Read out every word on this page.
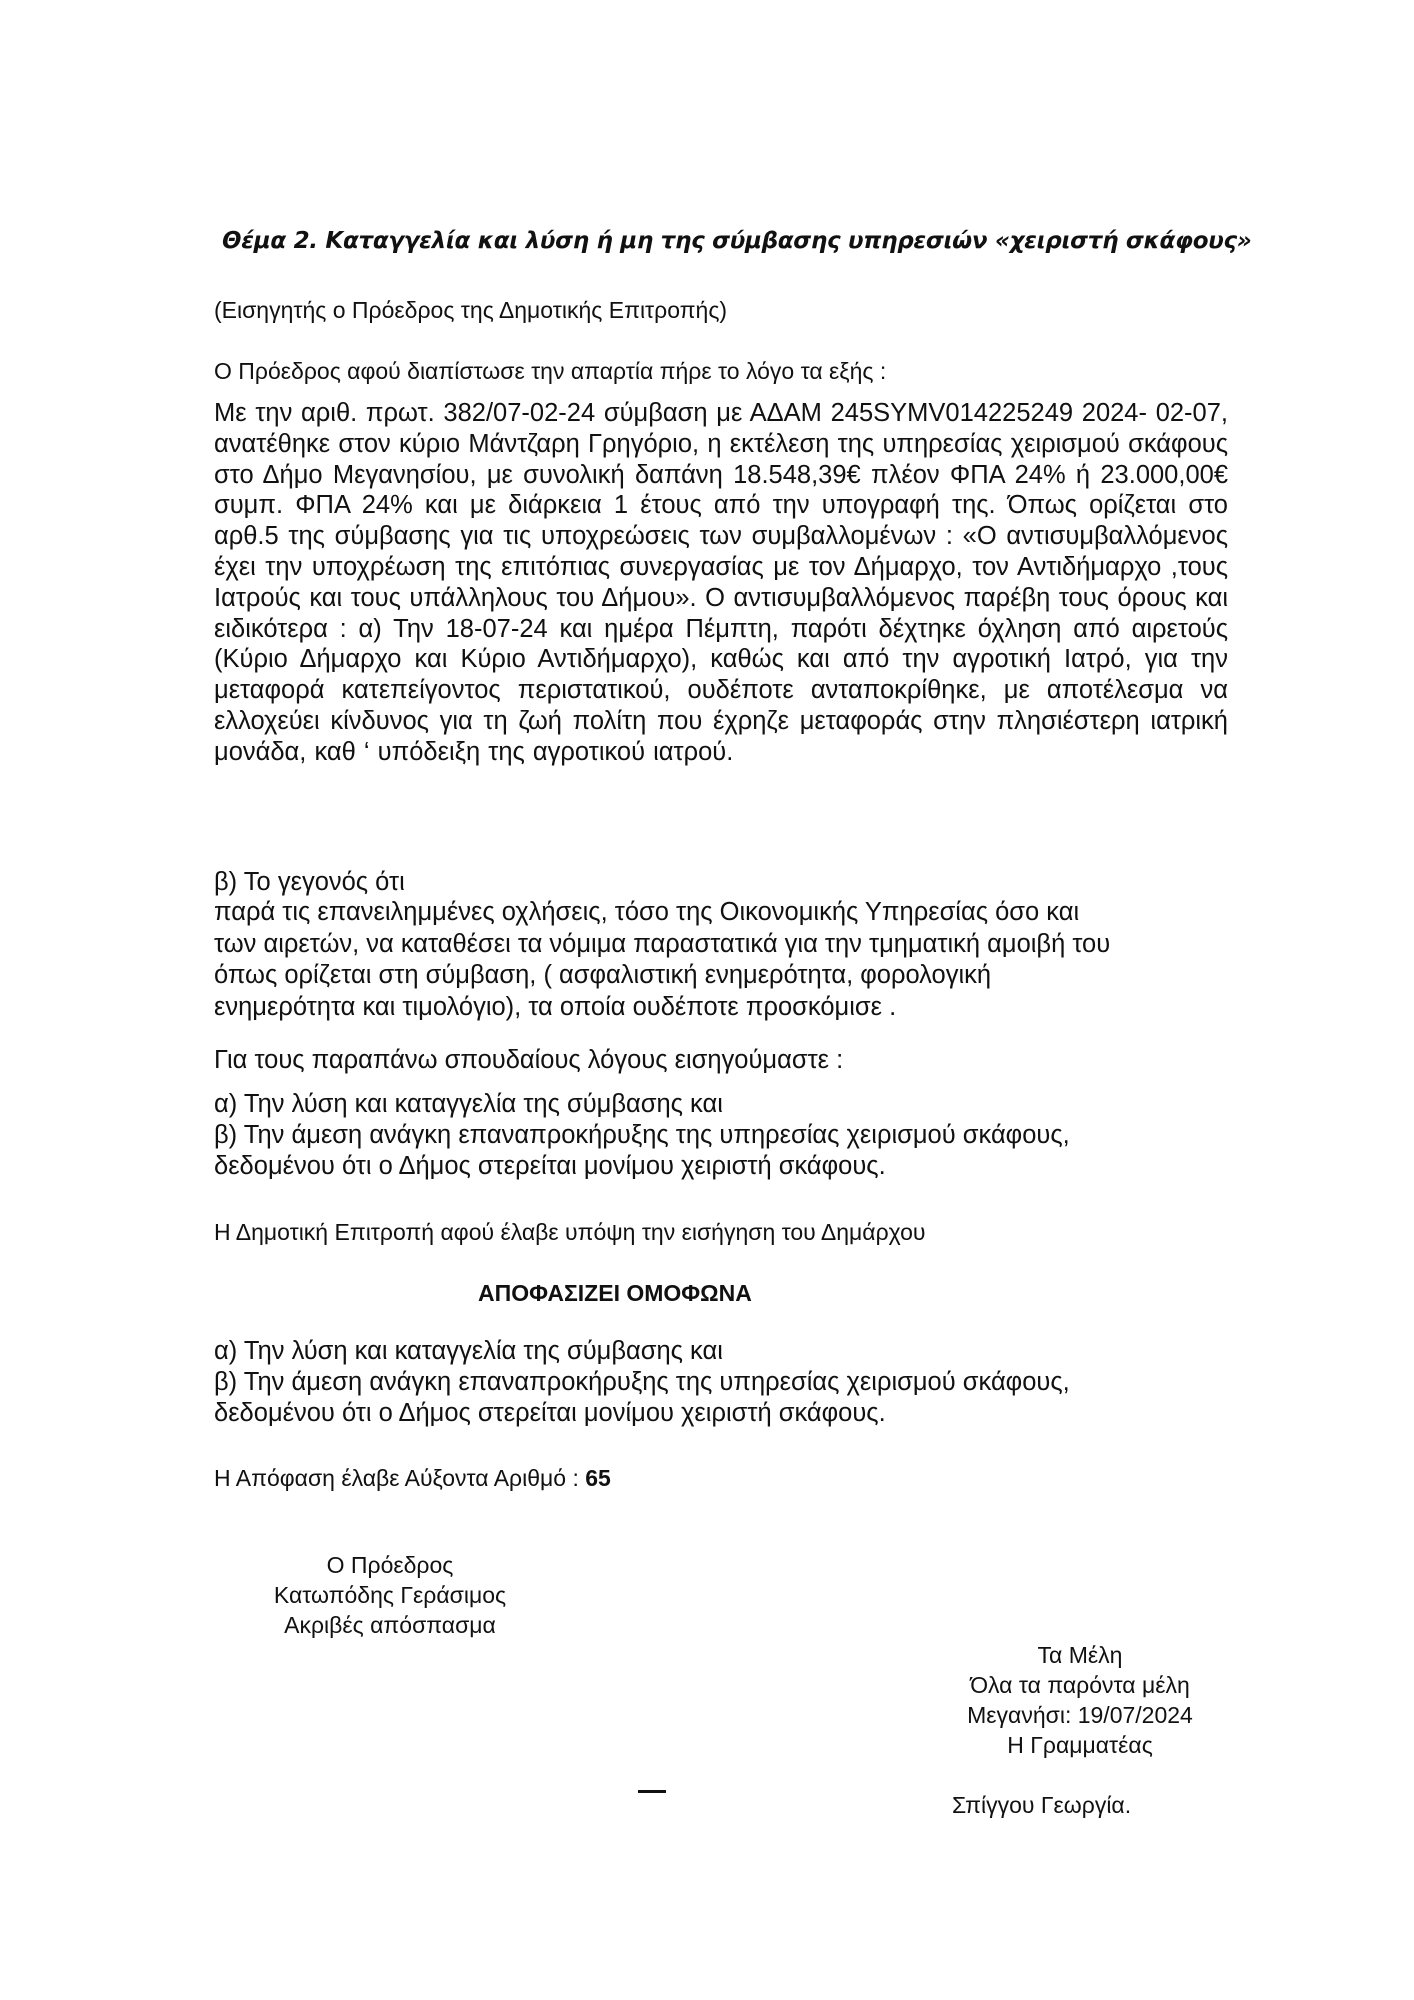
Θέμα 2. Καταγγελία και λύση ή μη της σύμβασης υπηρεσιών «χειριστή σκάφους»

(Εισηγητής ο Πρόεδρος της Δημοτικής Επιτροπής)

Ο Πρόεδρος αφού διαπίστωσε την απαρτία πήρε το λόγο τα εξής :

Με την αριθ. πρωτ. 382/07-02-24 σύμβαση με ΑΔΑΜ 245SYMV014225249 2024- 02-07, ανατέθηκε στον κύριο Μάντζαρη Γρηγόριο, η εκτέλεση της υπηρεσίας χειρισμού σκάφους στο Δήμο Μεγανησίου, με συνολική δαπάνη 18.548,39€ πλέον ΦΠΑ 24% ή 23.000,00€ συμπ. ΦΠΑ 24% και με διάρκεια 1 έτους από την υπογραφή της. Όπως ορίζεται στο αρθ.5 της σύμβασης για τις υποχρεώσεις των συμβαλλομένων : «Ο αντισυμβαλλόμενος έχει την υποχρέωση της επιτόπιας συνεργασίας με τον Δήμαρχο, τον Αντιδήμαρχο ,τους Ιατρούς και τους υπάλληλους του Δήμου». Ο αντισυμβαλλόμενος παρέβη τους όρους και ειδικότερα : α) Την 18-07-24 και ημέρα Πέμπτη, παρότι δέχτηκε όχληση από αιρετούς (Κύριο Δήμαρχο και Κύριο Αντιδήμαρχο), καθώς και από την αγροτική Ιατρό, για την μεταφορά κατεπείγοντος περιστατικού, ουδέποτε ανταποκρίθηκε, με αποτέλεσμα να ελλοχεύει κίνδυνος για τη ζωή πολίτη που έχρηζε μεταφοράς στην πλησιέστερη ιατρική μονάδα, καθ ‘ υπόδειξη της αγροτικού ιατρού.

β) Το γεγονός ότι

παρά τις επανειλημμένες οχλήσεις, τόσο της Οικονομικής Υπηρεσίας όσο και
των αιρετών, να καταθέσει τα νόμιμα παραστατικά για την τμηματική αμοιβή του
όπως ορίζεται στη σύμβαση, ( ασφαλιστική ενημερότητα, φορολογική
ενημερότητα και τιμολόγιο), τα οποία ουδέποτε προσκόμισε .

Για τους παραπάνω σπουδαίους λόγους εισηγούμαστε :

α) Την λύση και καταγγελία της σύμβασης και
β) Την άμεση ανάγκη επαναπροκήρυξης της υπηρεσίας χειρισμού σκάφους,
δεδομένου ότι ο Δήμος στερείται μονίμου χειριστή σκάφους.

Η Δημοτική Επιτροπή αφού έλαβε υπόψη την εισήγηση του Δημάρχου

ΑΠΟΦΑΣΙΖΕΙ ΟΜΟΦΩΝΑ

α) Την λύση και καταγγελία της σύμβασης και
β) Την άμεση ανάγκη επαναπροκήρυξης της υπηρεσίας χειρισμού σκάφους,
δεδομένου ότι ο Δήμος στερείται μονίμου χειριστή σκάφους.

Η Απόφαση έλαβε Αύξοντα Αριθμό : 65

Ο Πρόεδρος
Κατωπόδης Γεράσιμος
Ακριβές απόσπασμα
Τα Μέλη
Όλα τα παρόντα μέλη
Μεγανήσι: 19/07/2024
Η Γραμματέας

Σπίγγου Γεωργία.
